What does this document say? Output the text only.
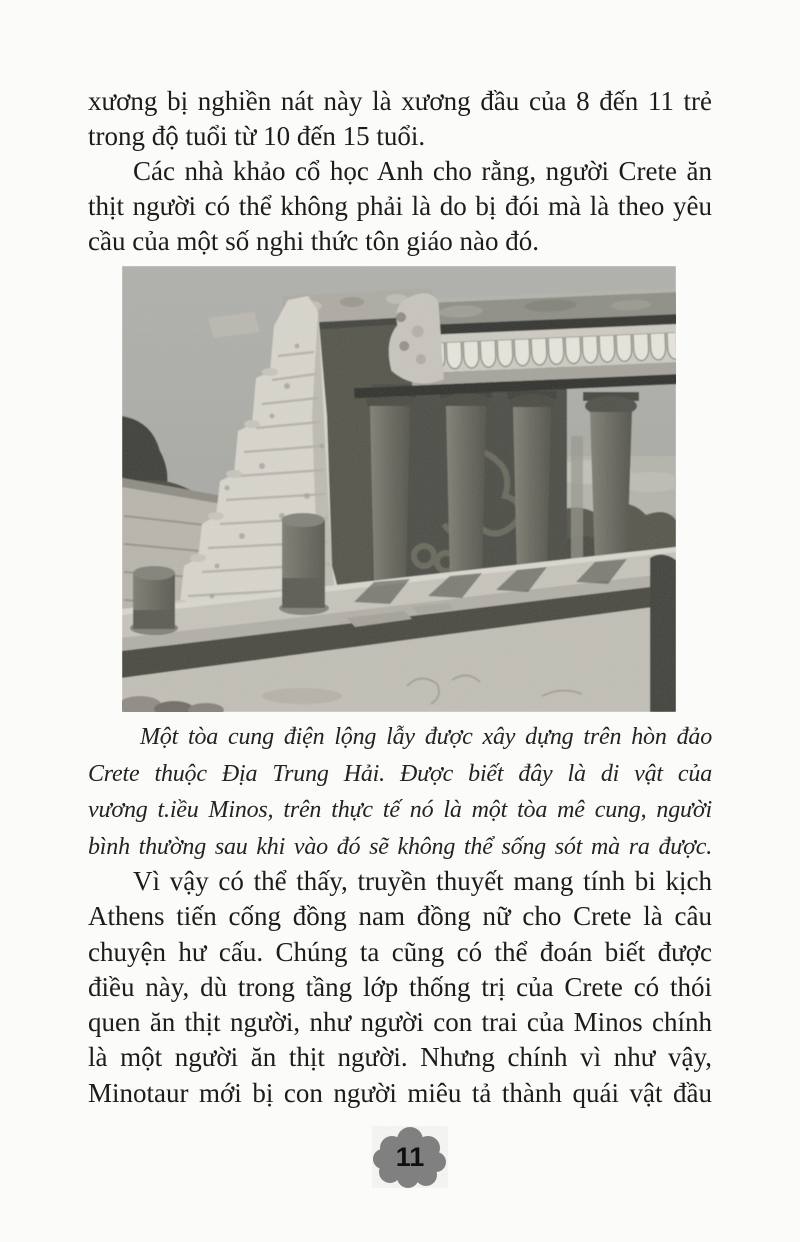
xương bị nghiền nát này là xương đầu của 8 đến 11 trẻ
trong độ tuổi từ 10 đến 15 tuổi.
Các nhà khảo cổ học Anh cho rằng, người Crete ăn
thịt người có thể không phải là do bị đói mà là theo yêu
cầu của một số nghi thức tôn giáo nào đó.
Một tòa cung điện lộng lẫy được xây dựng trên hòn đảo
Crete thuộc Địa Trung Hải. Được biết đây là di vật của
vương t.iều Minos, trên thực tế nó là một tòa mê cung, người
bình thường sau khi vào đó sẽ không thể sống sót mà ra được.
Vì vậy có thể thấy, truyền thuyết mang tính bi kịch
Athens tiến cống đồng nam đồng nữ cho Crete là câu
chuyện hư cấu. Chúng ta cũng có thể đoán biết được
điều này, dù trong tầng lớp thống trị của Crete có thói
quen ăn thịt người, như người con trai của Minos chính
là một người ăn thịt người. Nhưng chính vì như vậy,
Minotaur mới bị con người miêu tả thành quái vật đầu
11
